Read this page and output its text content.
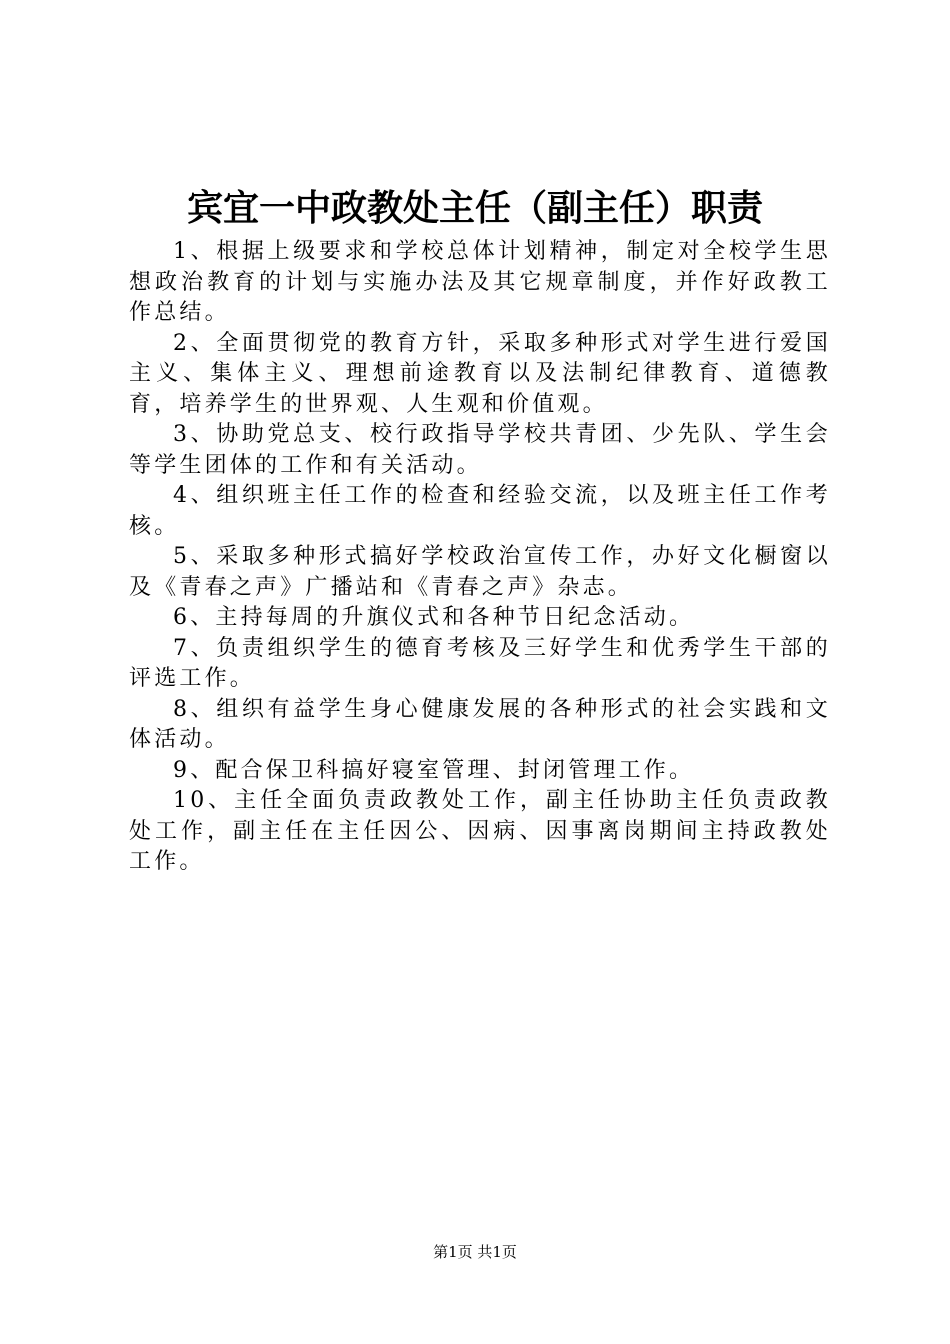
宾宜一中政教处主任（副主任）职责

1、根据上级要求和学校总体计划精神，制定对全校学生思想政治教育的计划与实施办法及其它规章制度，并作好政教工作总结。

2、全面贯彻党的教育方针，采取多种形式对学生进行爱国主义、集体主义、理想前途教育以及法制纪律教育、道德教育，培养学生的世界观、人生观和价值观。

3、协助党总支、校行政指导学校共青团、少先队、学生会等学生团体的工作和有关活动。

4、组织班主任工作的检查和经验交流，以及班主任工作考核。

5、采取多种形式搞好学校政治宣传工作，办好文化橱窗以及《青春之声》广播站和《青春之声》杂志。

6、主持每周的升旗仪式和各种节日纪念活动。

7、负责组织学生的德育考核及三好学生和优秀学生干部的评选工作。

8、组织有益学生身心健康发展的各种形式的社会实践和文体活动。

9、配合保卫科搞好寝室管理、封闭管理工作。

10、主任全面负责政教处工作，副主任协助主任负责政教处工作，副主任在主任因公、因病、因事离岗期间主持政教处工作。

第1页 共1页
